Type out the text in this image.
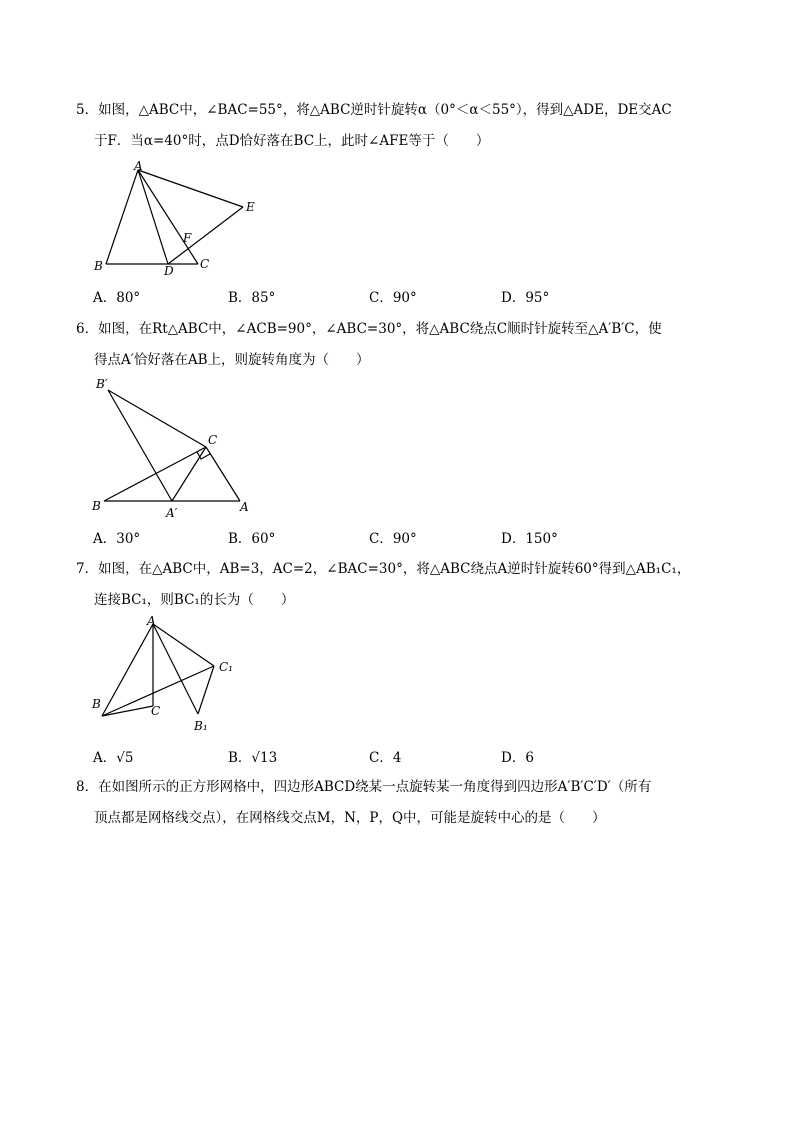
5．如图，△ABC中，∠BAC=55°，将△ABC逆时针旋转α（0°＜α＜55°），得到△ADE，DE交AC
于F．当α=40°时，点D恰好落在BC上，此时∠AFE等于（　　）
A
B	C
D
E
F
A．80°	B．85°	C．90°	D．95°
6．如图，在Rt△ABC中，∠ACB=90°，∠ABC=30°，将△ABC绕点C顺时针旋转至△A′B′C，使
得点A′恰好落在AB上，则旋转角度为（　　）
B′
C
B	A′	A
A．30°	B．60°	C．90°	D．150°
7．如图，在△ABC中，AB=3，AC=2，∠BAC=30°，将△ABC绕点A逆时针旋转60°得到△AB₁C₁，
连接BC₁，则BC₁的长为（　　）
A
C₁
B	C
B₁
A．√5	B．√13	C．4	D．6
8．在如图所示的正方形网格中，四边形ABCD绕某一点旋转某一角度得到四边形A′B′C′D′（所有
顶点都是网格线交点），在网格线交点M，N，P，Q中，可能是旋转中心的是（　　）
